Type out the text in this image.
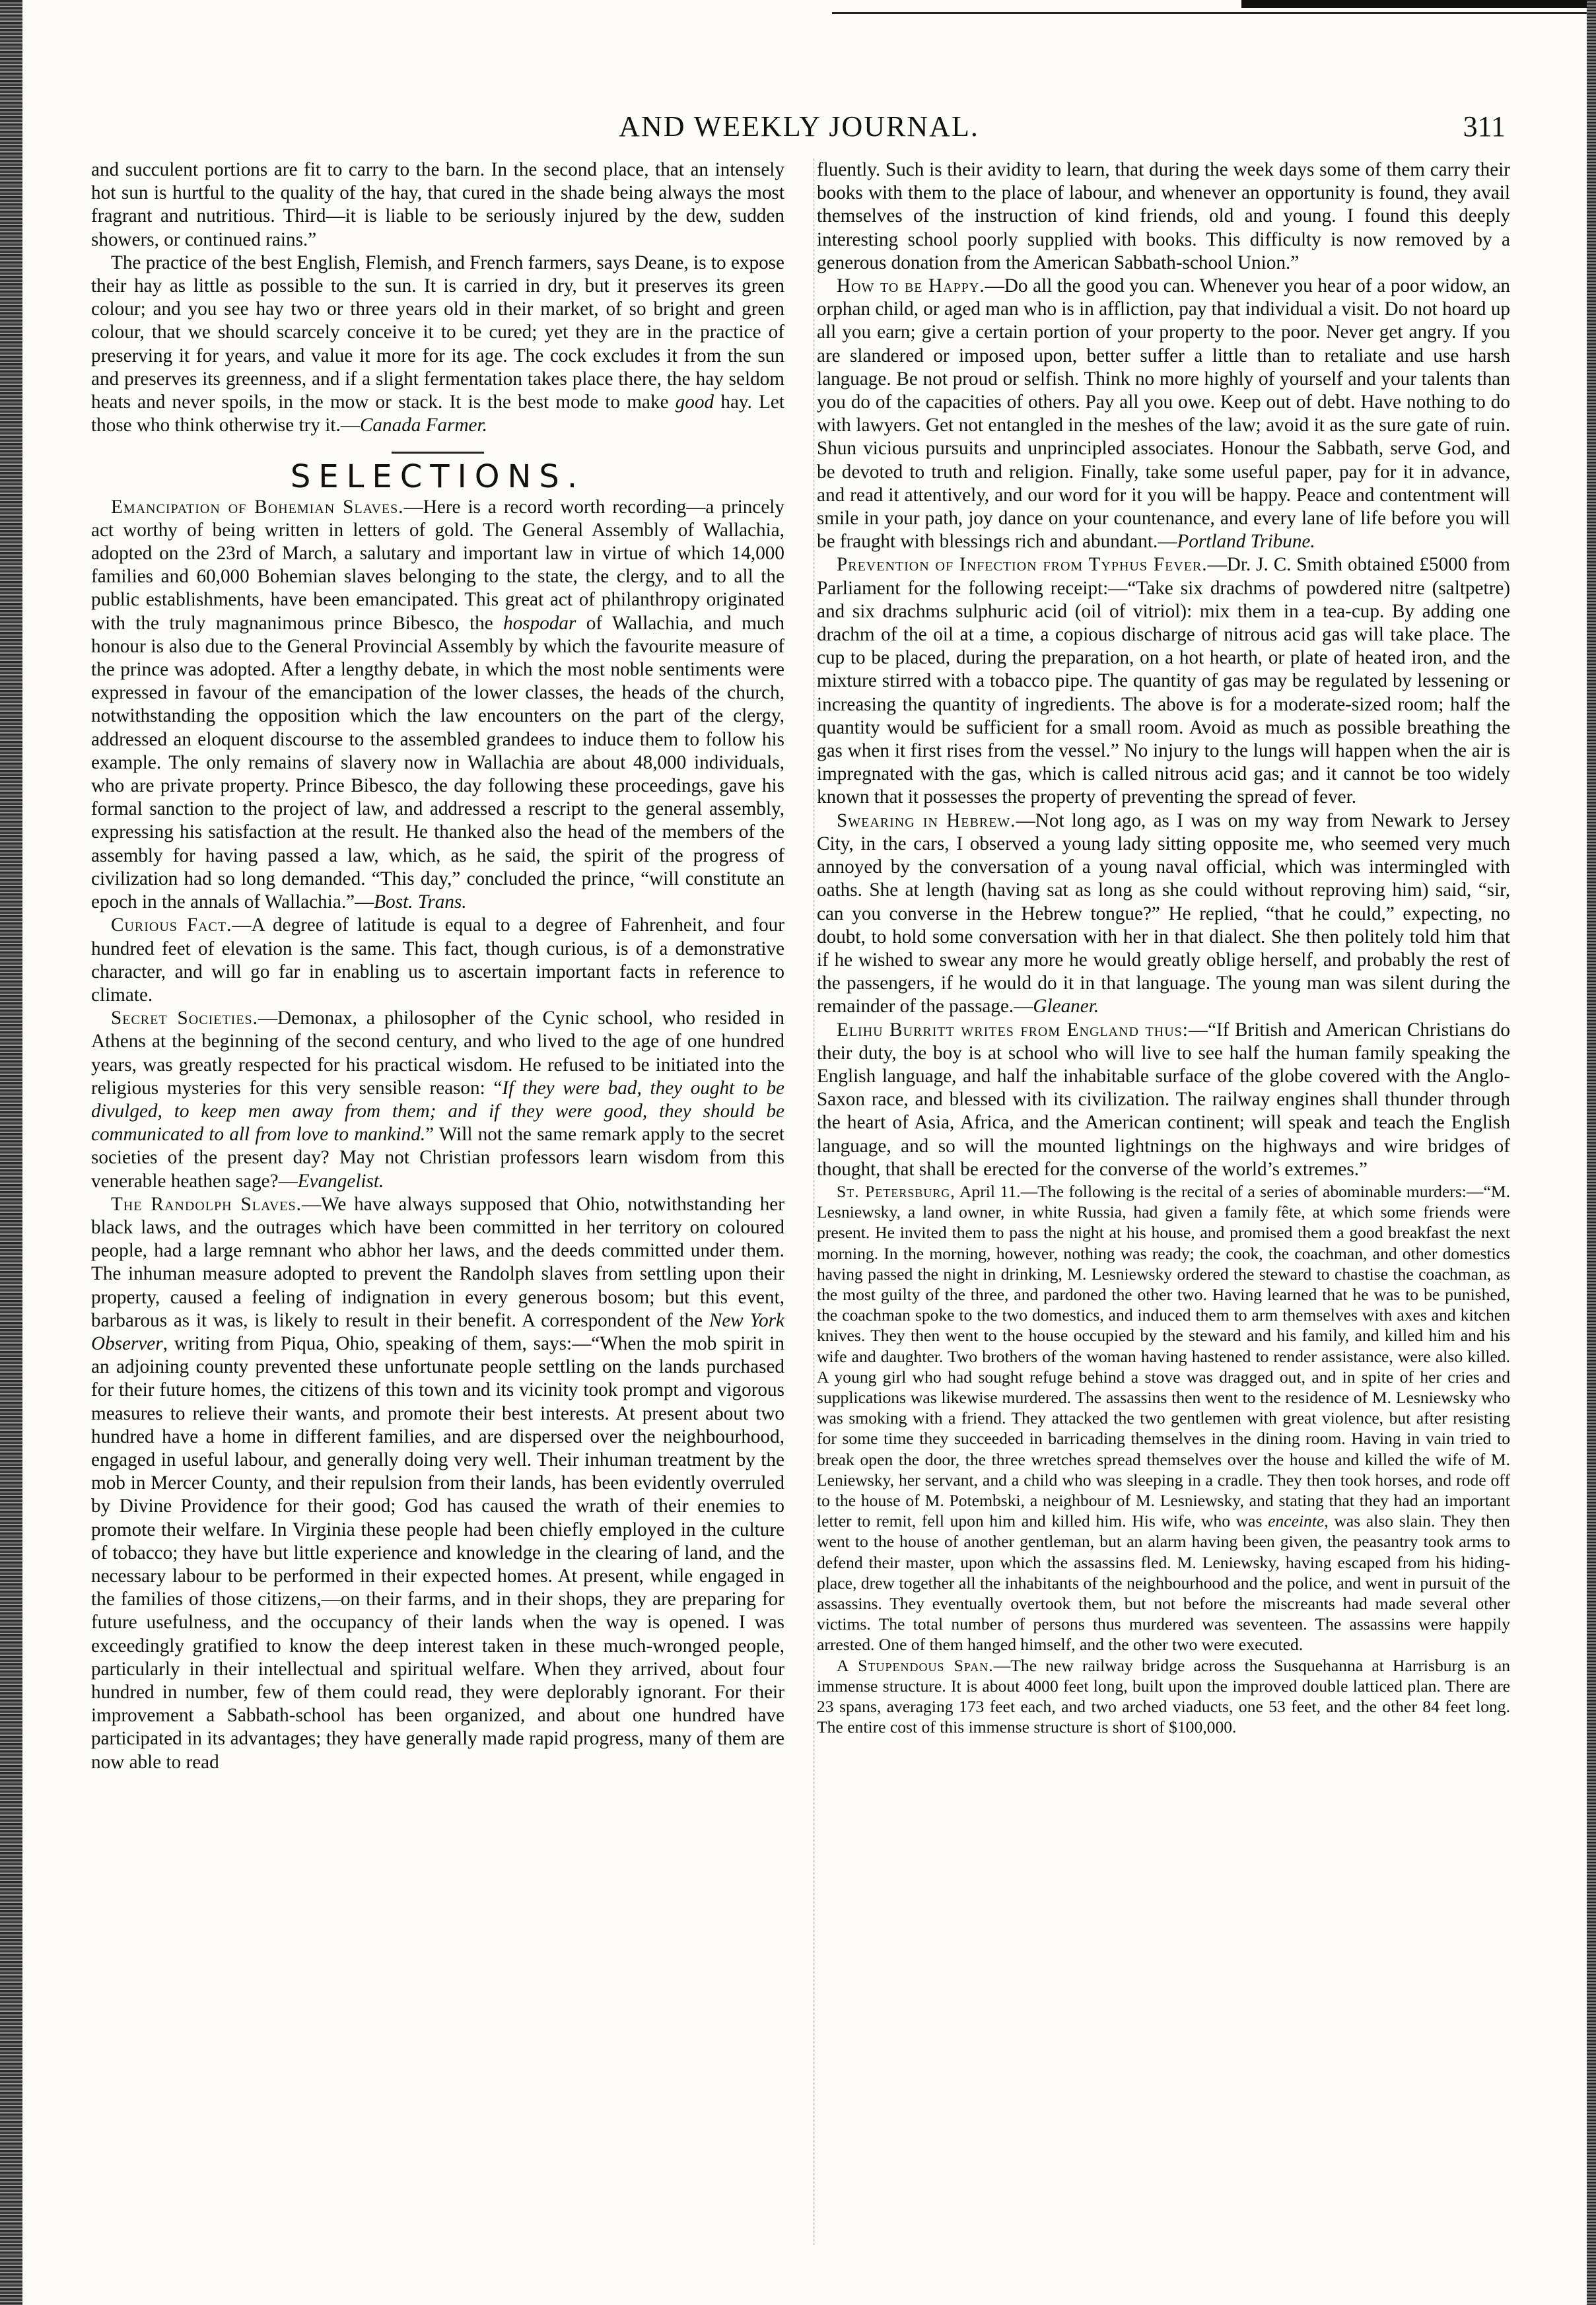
AND WEEKLY JOURNAL.	311

and succulent portions are fit to carry to the barn. In the second place, that an intensely hot sun is hurtful to the quality of the hay, that cured in the shade being always the most fragrant and nutritious. Third—it is liable to be seriously injured by the dew, sudden showers, or continued rains.”

The practice of the best English, Flemish, and French farmers, says Deane, is to expose their hay as little as possible to the sun. It is carried in dry, but it preserves its green colour; and you see hay two or three years old in their market, of so bright and green colour, that we should scarcely conceive it to be cured; yet they are in the practice of preserving it for years, and value it more for its age. The cock excludes it from the sun and preserves its greenness, and if a slight fermentation takes place there, the hay seldom heats and never spoils, in the mow or stack. It is the best mode to make good hay. Let those who think otherwise try it.—Canada Farmer.

SELECTIONS.

Emancipation of Bohemian Slaves.—Here is a record worth recording—a princely act worthy of being written in letters of gold. The General Assembly of Wallachia, adopted on the 23rd of March, a salutary and important law in virtue of which 14,000 families and 60,000 Bohemian slaves belonging to the state, the clergy, and to all the public establishments, have been emancipated. This great act of philanthropy originated with the truly magnanimous prince Bibesco, the hospodar of Wallachia, and much honour is also due to the General Provincial Assembly by which the favourite measure of the prince was adopted. After a lengthy debate, in which the most noble sentiments were expressed in favour of the emancipation of the lower classes, the heads of the church, notwithstanding the opposition which the law encounters on the part of the clergy, addressed an eloquent discourse to the assembled grandees to induce them to follow his example. The only remains of slavery now in Wallachia are about 48,000 individuals, who are private property. Prince Bibesco, the day following these proceedings, gave his formal sanction to the project of law, and addressed a rescript to the general assembly, expressing his satisfaction at the result. He thanked also the head of the members of the assembly for having passed a law, which, as he said, the spirit of the progress of civilization had so long demanded. “This day,” concluded the prince, “will constitute an epoch in the annals of Wallachia.”—Bost. Trans.

Curious Fact.—A degree of latitude is equal to a degree of Fahrenheit, and four hundred feet of elevation is the same. This fact, though curious, is of a demonstrative character, and will go far in enabling us to ascertain important facts in reference to climate.

Secret Societies.—Demonax, a philosopher of the Cynic school, who resided in Athens at the beginning of the second century, and who lived to the age of one hundred years, was greatly respected for his practical wisdom. He refused to be initiated into the religious mysteries for this very sensible reason: “If they were bad, they ought to be divulged, to keep men away from them; and if they were good, they should be communicated to all from love to mankind.” Will not the same remark apply to the secret societies of the present day? May not Christian professors learn wisdom from this venerable heathen sage?—Evangelist.

The Randolph Slaves.—We have always supposed that Ohio, notwithstanding her black laws, and the outrages which have been committed in her territory on coloured people, had a large remnant who abhor her laws, and the deeds committed under them. The inhuman measure adopted to prevent the Randolph slaves from settling upon their property, caused a feeling of indignation in every generous bosom; but this event, barbarous as it was, is likely to result in their benefit. A correspondent of the New York Observer, writing from Piqua, Ohio, speaking of them, says:—“When the mob spirit in an adjoining county prevented these unfortunate people settling on the lands purchased for their future homes, the citizens of this town and its vicinity took prompt and vigorous measures to relieve their wants, and promote their best interests. At present about two hundred have a home in different families, and are dispersed over the neighbourhood, engaged in useful labour, and generally doing very well. Their inhuman treatment by the mob in Mercer County, and their repulsion from their lands, has been evidently overruled by Divine Providence for their good; God has caused the wrath of their enemies to promote their welfare. In Virginia these people had been chiefly employed in the culture of tobacco; they have but little experience and knowledge in the clearing of land, and the necessary labour to be performed in their expected homes. At present, while engaged in the families of those citizens,—on their farms, and in their shops, they are preparing for future usefulness, and the occupancy of their lands when the way is opened. I was exceedingly gratified to know the deep interest taken in these much-wronged people, particularly in their intellectual and spiritual welfare. When they arrived, about four hundred in number, few of them could read, they were deplorably ignorant. For their improvement a Sabbath-school has been organized, and about one hundred have participated in its advantages; they have generally made rapid progress, many of them are now able to read

fluently. Such is their avidity to learn, that during the week days some of them carry their books with them to the place of labour, and whenever an opportunity is found, they avail themselves of the instruction of kind friends, old and young. I found this deeply interesting school poorly supplied with books. This difficulty is now removed by a generous donation from the American Sabbath-school Union.”

How to be Happy.—Do all the good you can. Whenever you hear of a poor widow, an orphan child, or aged man who is in affliction, pay that individual a visit. Do not hoard up all you earn; give a certain portion of your property to the poor. Never get angry. If you are slandered or imposed upon, better suffer a little than to retaliate and use harsh language. Be not proud or selfish. Think no more highly of yourself and your talents than you do of the capacities of others. Pay all you owe. Keep out of debt. Have nothing to do with lawyers. Get not entangled in the meshes of the law; avoid it as the sure gate of ruin. Shun vicious pursuits and unprincipled associates. Honour the Sabbath, serve God, and be devoted to truth and religion. Finally, take some useful paper, pay for it in advance, and read it attentively, and our word for it you will be happy. Peace and contentment will smile in your path, joy dance on your countenance, and every lane of life before you will be fraught with blessings rich and abundant.—Portland Tribune.

Prevention of Infection from Typhus Fever.—Dr. J. C. Smith obtained £5000 from Parliament for the following receipt:—“Take six drachms of powdered nitre (saltpetre) and six drachms sulphuric acid (oil of vitriol): mix them in a tea-cup. By adding one drachm of the oil at a time, a copious discharge of nitrous acid gas will take place. The cup to be placed, during the preparation, on a hot hearth, or plate of heated iron, and the mixture stirred with a tobacco pipe. The quantity of gas may be regulated by lessening or increasing the quantity of ingredients. The above is for a moderate-sized room; half the quantity would be sufficient for a small room. Avoid as much as possible breathing the gas when it first rises from the vessel.” No injury to the lungs will happen when the air is impregnated with the gas, which is called nitrous acid gas; and it cannot be too widely known that it possesses the property of preventing the spread of fever.

Swearing in Hebrew.—Not long ago, as I was on my way from Newark to Jersey City, in the cars, I observed a young lady sitting opposite me, who seemed very much annoyed by the conversation of a young naval official, which was intermingled with oaths. She at length (having sat as long as she could without reproving him) said, “sir, can you converse in the Hebrew tongue?” He replied, “that he could,” expecting, no doubt, to hold some conversation with her in that dialect. She then politely told him that if he wished to swear any more he would greatly oblige herself, and probably the rest of the passengers, if he would do it in that language. The young man was silent during the remainder of the passage.—Gleaner.

Elihu Burritt writes from England thus:—“If British and American Christians do their duty, the boy is at school who will live to see half the human family speaking the English language, and half the inhabitable surface of the globe covered with the Anglo-Saxon race, and blessed with its civilization. The railway engines shall thunder through the heart of Asia, Africa, and the American continent; will speak and teach the English language, and so will the mounted lightnings on the highways and wire bridges of thought, that shall be erected for the converse of the world’s extremes.”

St. Petersburg, April 11.—The following is the recital of a series of abominable murders:—“M. Lesniewsky, a land owner, in white Russia, had given a family fête, at which some friends were present. He invited them to pass the night at his house, and promised them a good breakfast the next morning. In the morning, however, nothing was ready; the cook, the coachman, and other domestics having passed the night in drinking, M. Lesniewsky ordered the steward to chastise the coachman, as the most guilty of the three, and pardoned the other two. Having learned that he was to be punished, the coachman spoke to the two domestics, and induced them to arm themselves with axes and kitchen knives. They then went to the house occupied by the steward and his family, and killed him and his wife and daughter. Two brothers of the woman having hastened to render assistance, were also killed. A young girl who had sought refuge behind a stove was dragged out, and in spite of her cries and supplications was likewise murdered. The assassins then went to the residence of M. Lesniewsky who was smoking with a friend. They attacked the two gentlemen with great violence, but after resisting for some time they succeeded in barricading themselves in the dining room. Having in vain tried to break open the door, the three wretches spread themselves over the house and killed the wife of M. Leniewsky, her servant, and a child who was sleeping in a cradle. They then took horses, and rode off to the house of M. Potembski, a neighbour of M. Lesniewsky, and stating that they had an important letter to remit, fell upon him and killed him. His wife, who was enceinte, was also slain. They then went to the house of another gentleman, but an alarm having been given, the peasantry took arms to defend their master, upon which the assassins fled. M. Leniewsky, having escaped from his hiding-place, drew together all the inhabitants of the neighbourhood and the police, and went in pursuit of the assassins. They eventually overtook them, but not before the miscreants had made several other victims. The total number of persons thus murdered was seventeen. The assassins were happily arrested. One of them hanged himself, and the other two were executed.

A Stupendous Span.—The new railway bridge across the Susquehanna at Harrisburg is an immense structure. It is about 4000 feet long, built upon the improved double latticed plan. There are 23 spans, averaging 173 feet each, and two arched viaducts, one 53 feet, and the other 84 feet long. The entire cost of this immense structure is short of $100,000.
